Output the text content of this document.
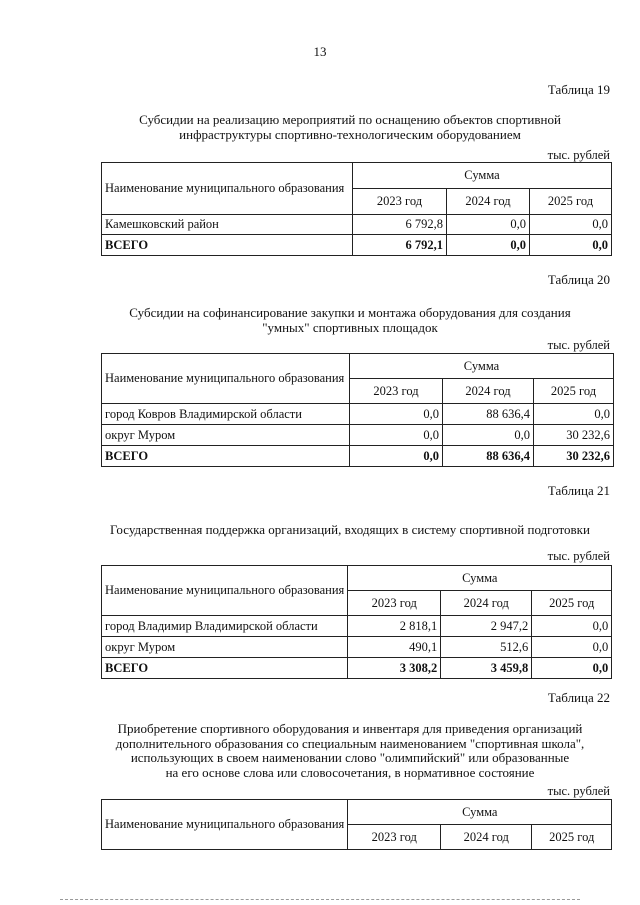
13
Таблица 19
Субсидии на реализацию мероприятий по оснащению объектов спортивной
инфраструктуры спортивно-технологическим оборудованием
тыс. рублей
Наименование муниципального образования	Сумма		
	2023 год	2024 год	2025 год
Камешковский район	6 792,8	0,0	0,0
ВСЕГО	6 792,1	0,0	0,0
Таблица 20
Субсидии на софинансирование закупки и монтажа оборудования для создания
"умных" спортивных площадок
тыс. рублей
Наименование муниципального образования	Сумма		
	2023 год	2024 год	2025 год
город Ковров Владимирской области	0,0	88 636,4	0,0
округ Муром	0,0	0,0	30 232,6
ВСЕГО	0,0	88 636,4	30 232,6
Таблица 21
Государственная поддержка организаций, входящих в систему спортивной подготовки
тыс. рублей
Наименование муниципального образования	Сумма		
	2023 год	2024 год	2025 год
город Владимир Владимирской области	2 818,1	2 947,2	0,0
округ Муром	490,1	512,6	0,0
ВСЕГО	3 308,2	3 459,8	0,0
Таблица 22
Приобретение спортивного оборудования и инвентаря для приведения организаций
дополнительного образования со специальным наименованием "спортивная школа",
использующих в своем наименовании слово "олимпийский" или образованные
на его основе слова или словосочетания, в нормативное состояние
тыс. рублей
Наименование муниципального образования	Сумма		
	2023 год	2024 год	2025 год
